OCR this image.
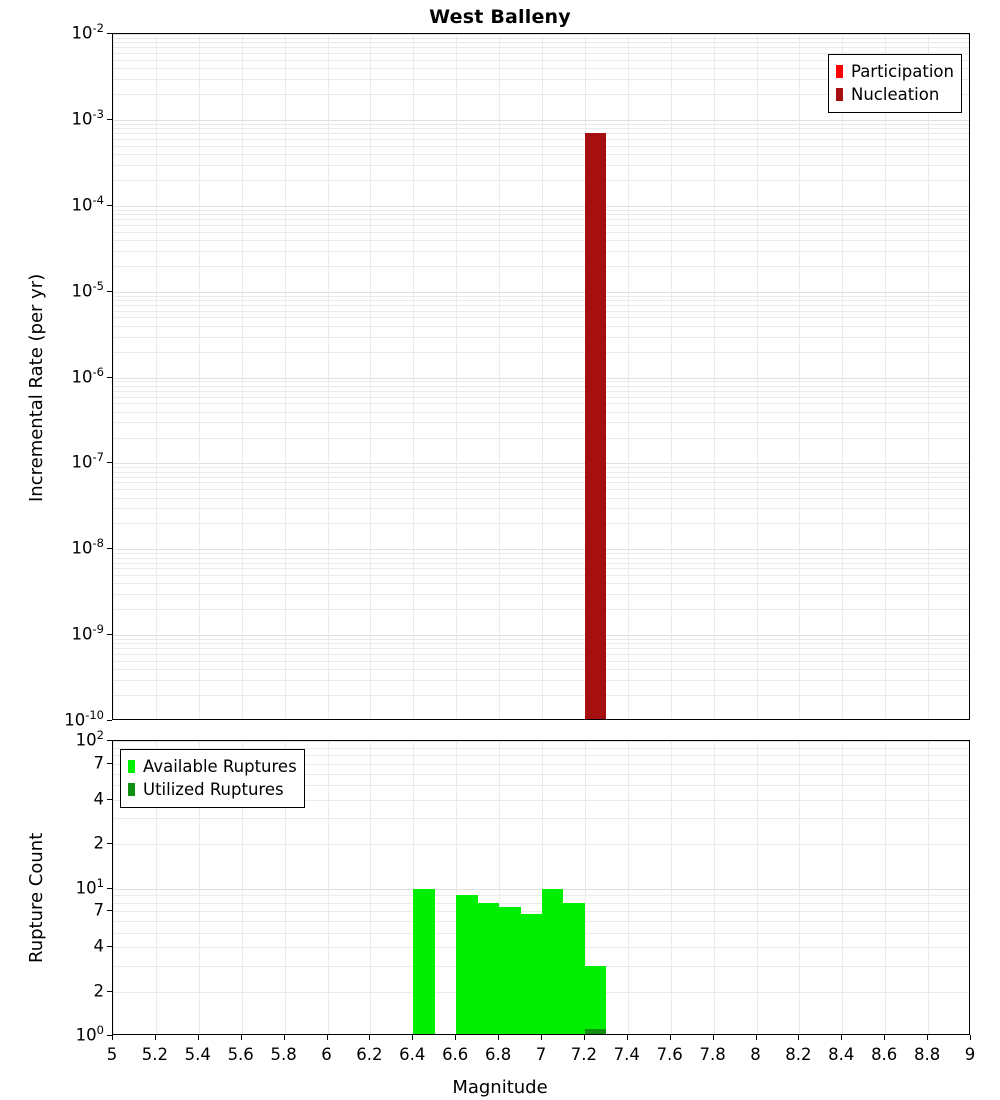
West Balleny
$10^{-10}$
$10^{-9}$
$10^{-8}$
$10^{-7}$
$10^{-6}$
$10^{-5}$
$10^{-4}$
$10^{-3}$
$10^{-2}$
Incremental Rate (per yr)
$10^0$
2
4
7
$10^1$
2
4
7
$10^2$
5 5.2 5.4 5.6 5.8 6 6.2 6.4 6.6 6.8 7 7.2 7.4 7.6 7.8 8 8.2 8.4 8.6 8.8 9
Rupture Count
Magnitude
Participation
Nucleation
Available Ruptures
Utilized Ruptures
